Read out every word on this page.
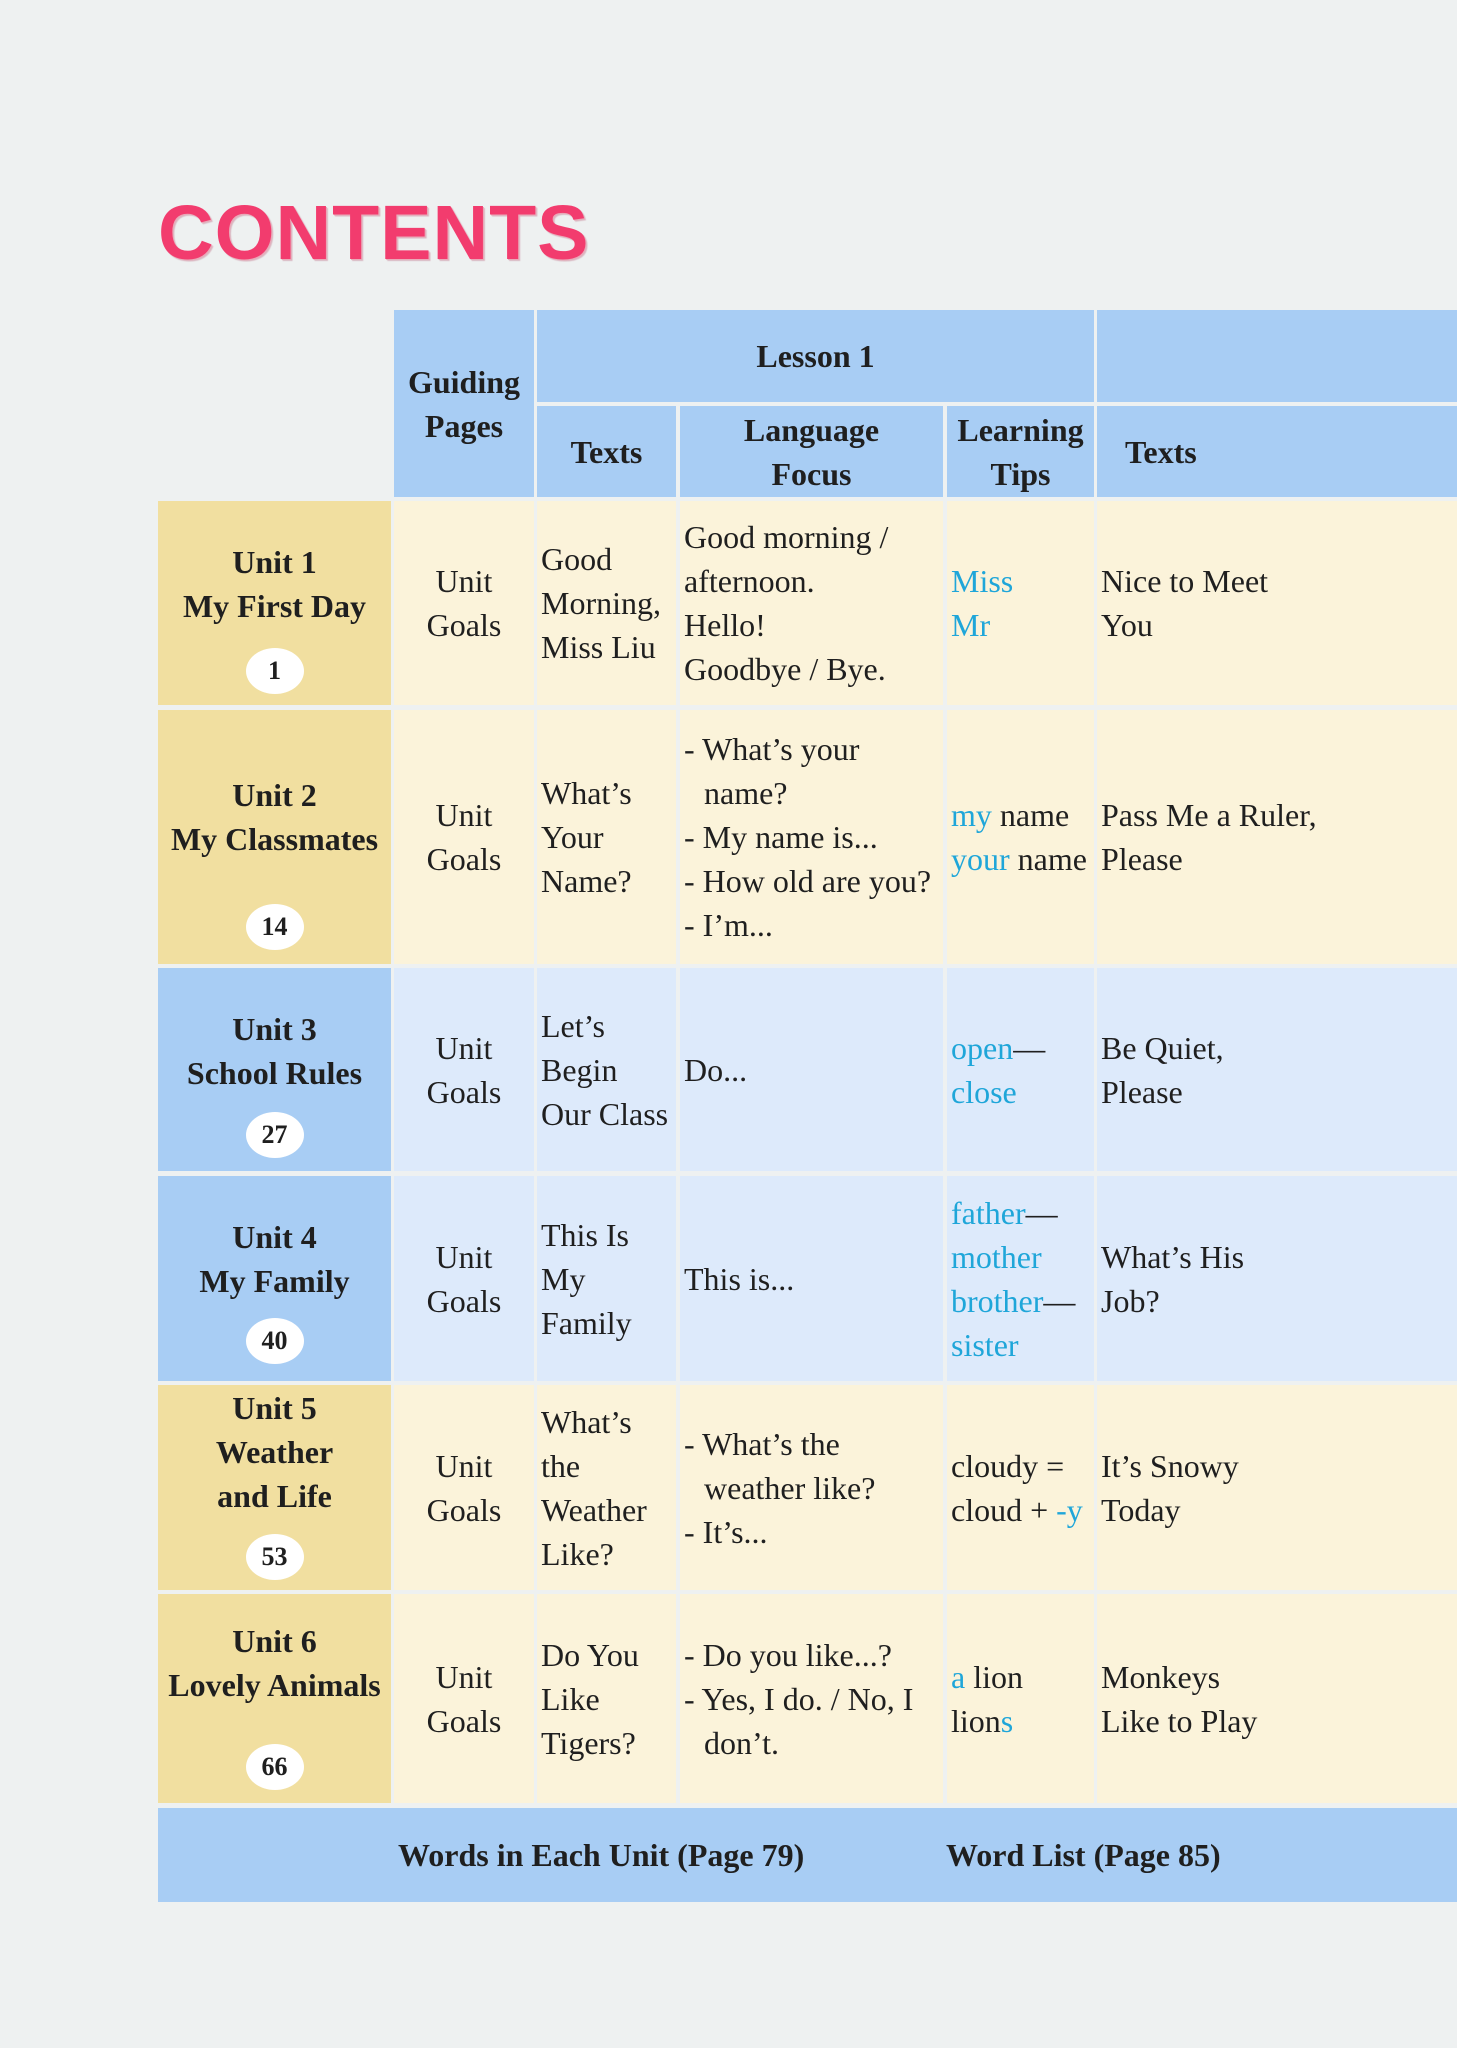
CONTENTS
Guiding Pages
Lesson 1
Texts
Language Focus
Learning Tips
Texts
Unit 1
My First Day
1
Unit Goals
Good
Morning,
Miss Liu
Good morning /
afternoon.
Hello!
Goodbye / Bye.
Miss
Mr
Nice to Meet
You
Unit 2
My Classmates
14
Unit Goals
What’s
Your
Name?
- What’s your name?
- My name is...
- How old are you?
- I’m...
my name
your name
Pass Me a Ruler,
Please
Unit 3
School Rules
27
Unit Goals
Let’s
Begin
Our Class
Do...
open—
close
Be Quiet,
Please
Unit 4
My Family
40
Unit Goals
This Is
My
Family
This is...
father—
mother
brother—
sister
What’s His
Job?
Unit 5
Weather and Life
53
Unit Goals
What’s
the
Weather
Like?
- What’s the weather like?
- It’s...
cloudy =
cloud + -y
It’s Snowy
Today
Unit 6
Lovely Animals
66
Unit Goals
Do You
Like
Tigers?
- Do you like...?
- Yes, I do. / No, I don’t.
a lion
lions
Monkeys
Like to Play
Words in Each Unit (Page 79)	Word List (Page 85)
